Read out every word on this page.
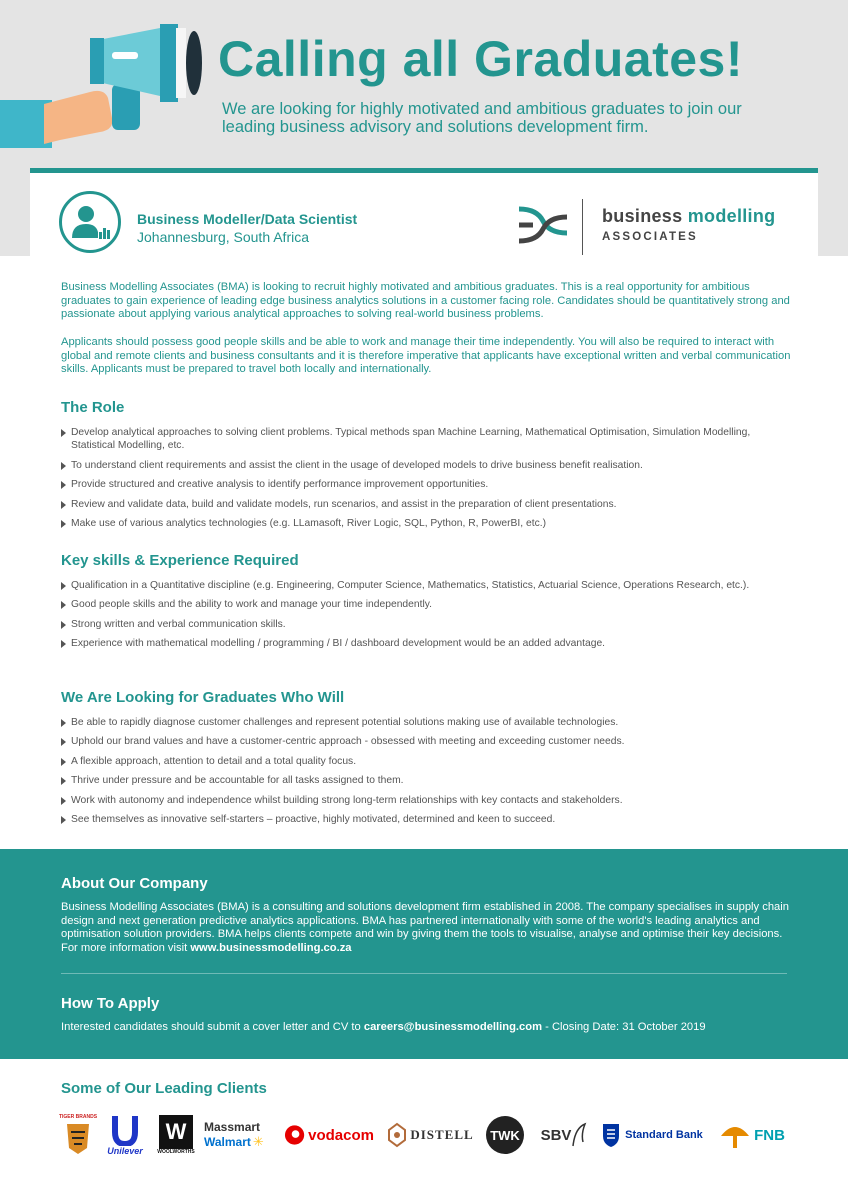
Calling all Graduates!
We are looking for highly motivated and ambitious graduates to join our leading business advisory and solutions development firm.
Business Modeller/Data Scientist
Johannesburg, South Africa
business modelling
ASSOCIATES

Business Modelling Associates (BMA) is looking to recruit highly motivated and ambitious graduates. This is a real opportunity for ambitious graduates to gain experience of leading edge business analytics solutions in a customer facing role. Candidates should be quantitatively strong and passionate about applying various analytical approaches to solving real-world business problems.

Applicants should possess good people skills and be able to work and manage their time independently. You will also be required to interact with global and remote clients and business consultants and it is therefore imperative that applicants have exceptional written and verbal communication skills. Applicants must be prepared to travel both locally and internationally.

The Role
Develop analytical approaches to solving client problems. Typical methods span Machine Learning, Mathematical Optimisation, Simulation Modelling, Statistical Modelling, etc.
To understand client requirements and assist the client in the usage of developed models to drive business benefit realisation.
Provide structured and creative analysis to identify performance improvement opportunities.
Review and validate data, build and validate models, run scenarios, and assist in the preparation of client presentations.
Make use of various analytics technologies (e.g. LLamasoft, River Logic, SQL, Python, R, PowerBI, etc.)
Key skills & Experience Required
Qualification in a Quantitative discipline (e.g. Engineering, Computer Science, Mathematics, Statistics, Actuarial Science, Operations Research, etc.).
Good people skills and the ability to work and manage your time independently.
Strong written and verbal communication skills.
Experience with mathematical modelling / programming / BI / dashboard development would be an added advantage.
We Are Looking for Graduates Who Will
Be able to rapidly diagnose customer challenges and represent potential solutions making use of available technologies.
Uphold our brand values and have a customer-centric approach - obsessed with meeting and exceeding customer needs.
A flexible approach, attention to detail and a total quality focus.
Thrive under pressure and be accountable for all tasks assigned to them.
Work with autonomy and independence whilst building strong long-term relationships with key contacts and stakeholders.
See themselves as innovative self-starters – proactive, highly motivated, determined and keen to succeed.
About Our Company

Business Modelling Associates (BMA) is a consulting and solutions development firm established in 2008. The company specialises in supply chain design and next generation predictive analytics applications. BMA has partnered internationally with some of the world's leading analytics and optimisation solution providers. BMA helps clients compete and win by giving them the tools to visualise, analyse and optimise their key decisions. For more information visit www.businessmodelling.co.za

How To Apply

Interested candidates should submit a cover letter and CV to careers@businessmodelling.com - Closing Date: 31 October 2019

Some of Our Leading Clients
TIGER BRANDS
Unilever
W
WOOLWORTHS
Massmart
Walmart ✳	vodacom	DISTELL	TWK SBV	Standard Bank	FNB
